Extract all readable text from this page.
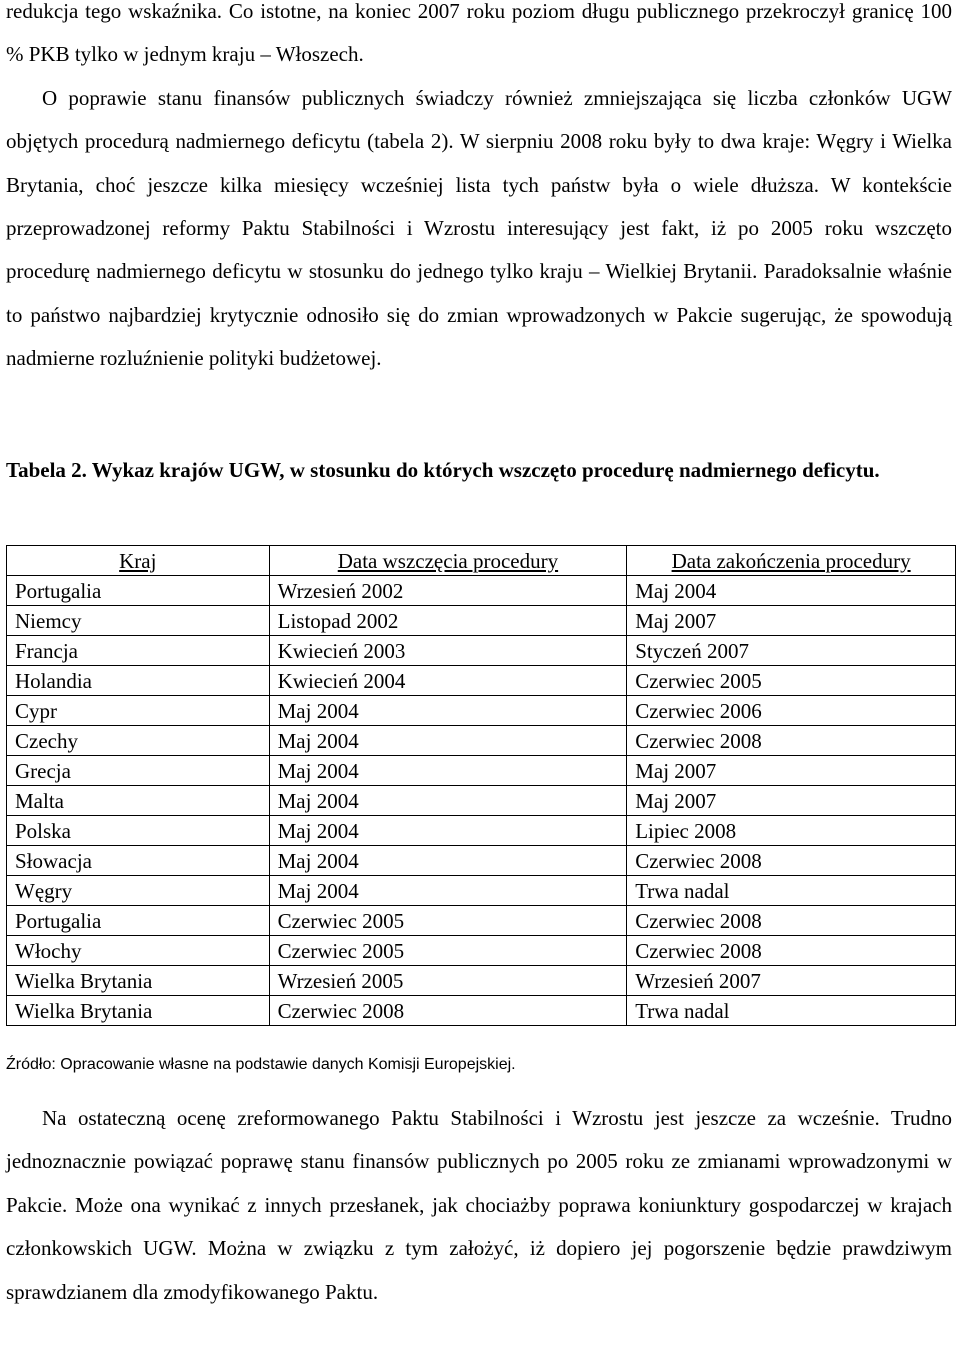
redukcja tego wskaźnika. Co istotne, na koniec 2007 roku poziom długu publicznego przekroczył granicę 100 % PKB tylko w jednym kraju – Włoszech.
O poprawie stanu finansów publicznych świadczy również zmniejszająca się liczba członków UGW objętych procedurą nadmiernego deficytu (tabela 2). W sierpniu 2008 roku były to dwa kraje: Węgry i Wielka Brytania, choć jeszcze kilka miesięcy wcześniej lista tych państw była o wiele dłuższa. W kontekście przeprowadzonej reformy Paktu Stabilności i Wzrostu interesujący jest fakt, iż po 2005 roku wszczęto procedurę nadmiernego deficytu w stosunku do jednego tylko kraju – Wielkiej Brytanii. Paradoksalnie właśnie to państwo najbardziej krytycznie odnosiło się do zmian wprowadzonych w Pakcie sugerując, że spowodują nadmierne rozluźnienie polityki budżetowej.

Tabela 2. Wykaz krajów UGW, w stosunku do których wszczęto procedurę nadmiernego deficytu.

Kraj	Data wszczęcia procedury	Data zakończenia procedury
Portugalia	Wrzesień 2002	Maj 2004
Niemcy	Listopad 2002	Maj 2007
Francja	Kwiecień 2003	Styczeń 2007
Holandia	Kwiecień 2004	Czerwiec 2005
Cypr	Maj 2004	Czerwiec 2006
Czechy	Maj 2004	Czerwiec 2008
Grecja	Maj 2004	Maj 2007
Malta	Maj 2004	Maj 2007
Polska	Maj 2004	Lipiec 2008
Słowacja	Maj 2004	Czerwiec 2008
Węgry	Maj 2004	Trwa nadal
Portugalia	Czerwiec 2005	Czerwiec 2008
Włochy	Czerwiec 2005	Czerwiec 2008
Wielka Brytania	Wrzesień 2005	Wrzesień 2007
Wielka Brytania	Czerwiec 2008	Trwa nadal

Źródło: Opracowanie własne na podstawie danych Komisji Europejskiej.

Na ostateczną ocenę zreformowanego Paktu Stabilności i Wzrostu jest jeszcze za wcześnie. Trudno jednoznacznie powiązać poprawę stanu finansów publicznych po 2005 roku ze zmianami wprowadzonymi w Pakcie. Może ona wynikać z innych przesłanek, jak chociażby poprawa koniunktury gospodarczej w krajach członkowskich UGW. Można w związku z tym założyć, iż dopiero jej pogorszenie będzie prawdziwym sprawdzianem dla zmodyfikowanego Paktu.
